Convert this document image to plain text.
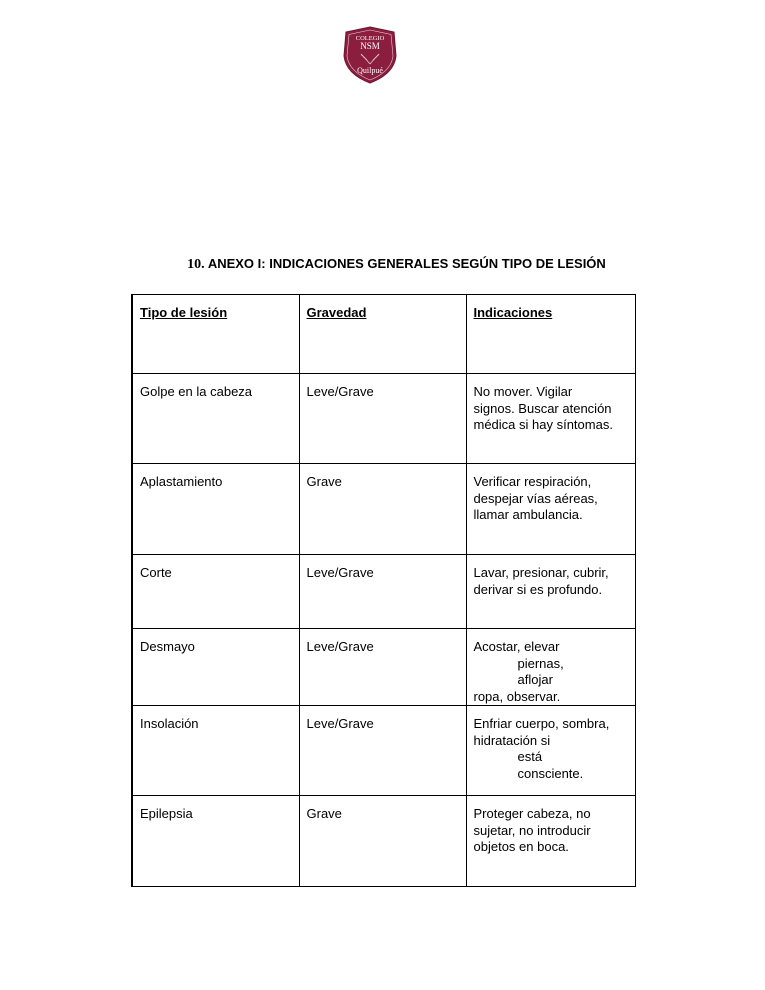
COLEGIO
NSM
Quilpué
10. ANEXO I: INDICACIONES GENERALES SEGÚN TIPO DE LESIÓN
Tipo de lesión	Gravedad	Indicaciones
Golpe en la cabeza	Leve/Grave	No mover. Vigilar
signos. Buscar atención
médica si hay síntomas.

Aplastamiento	Grave	Verificar respiración,
despejar vías aéreas,
llamar ambulancia.

Corte	Leve/Grave	Lavar, presionar, cubrir,
derivar si es profundo.

Desmayo	Leve/Grave	Acostar, elevar
piernas, aflojar
ropa, observar.

Insolación	Leve/Grave	Enfriar cuerpo, sombra,
hidratación si
está consciente.

Epilepsia	Grave	Proteger cabeza, no
sujetar, no introducir
objetos en boca.
